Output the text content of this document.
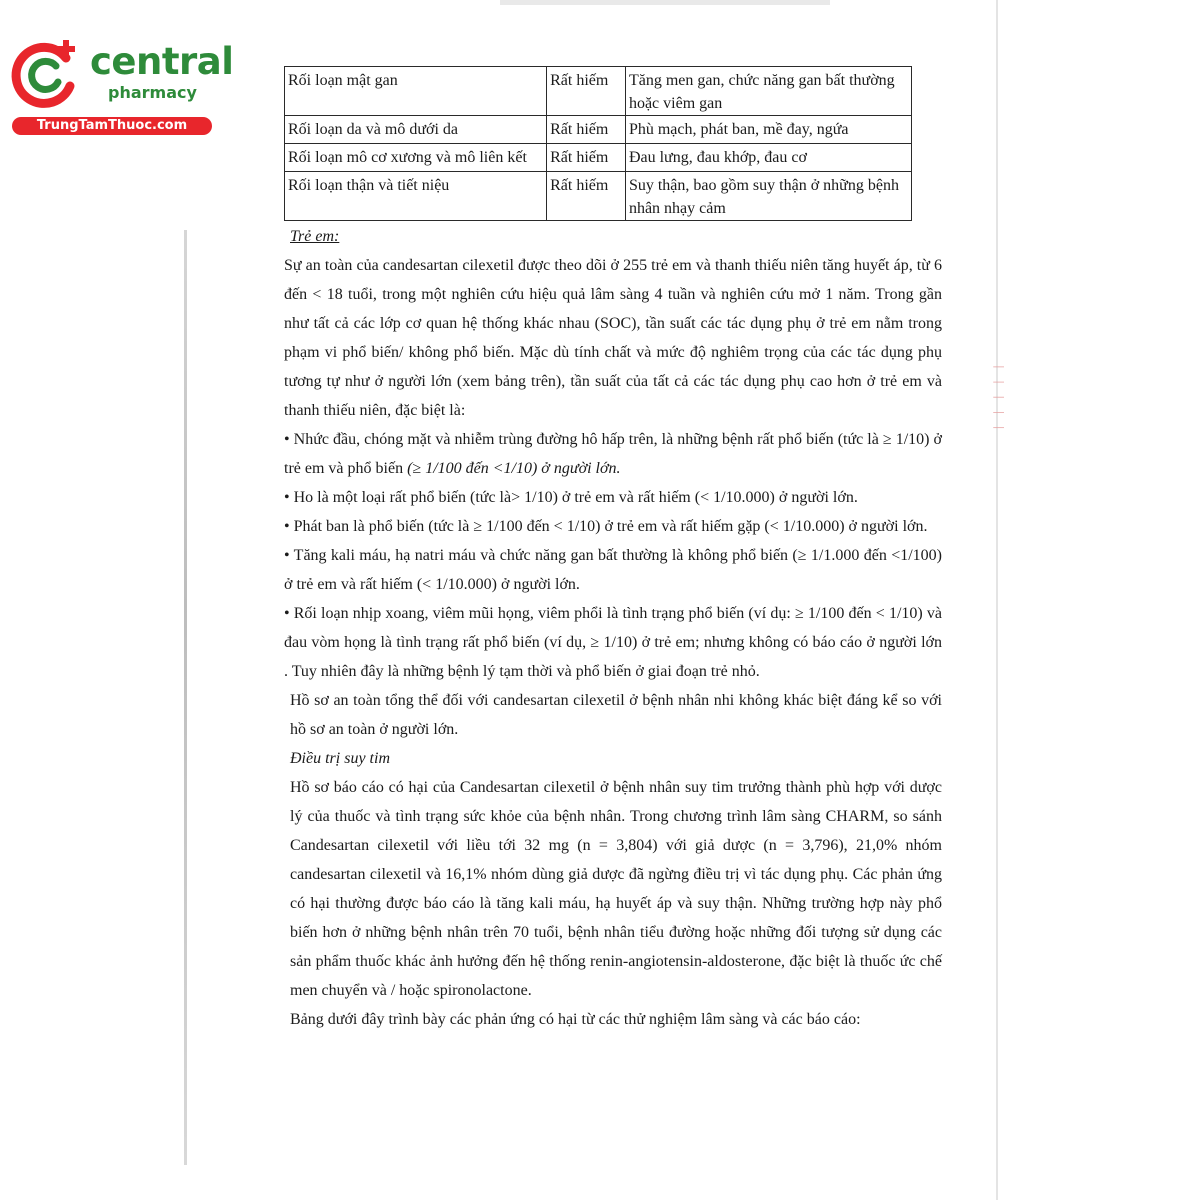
central
pharmacy
TrungTamThuoc.com
Rối loạn mật gan	Rất hiếm	Tăng men gan, chức năng gan bất thường hoặc viêm gan
Rối loạn da và mô dưới da	Rất hiếm	Phù mạch, phát ban, mề đay, ngứa
Rối loạn mô cơ xương và mô liên kết	Rất hiếm	Đau lưng, đau khớp, đau cơ
Rối loạn thận và tiết niệu	Rất hiếm	Suy thận, bao gồm suy thận ở những bệnh nhân nhạy cảm

Trẻ em:

Sự an toàn của candesartan cilexetil được theo dõi ở 255 trẻ em và thanh thiếu niên tăng huyết áp, từ 6 đến < 18 tuổi, trong một nghiên cứu hiệu quả lâm sàng 4 tuần và nghiên cứu mở 1 năm. Trong gần như tất cả các lớp cơ quan hệ thống khác nhau (SOC), tần suất các tác dụng phụ ở trẻ em nằm trong phạm vi phổ biến/ không phổ biến. Mặc dù tính chất và mức độ nghiêm trọng của các tác dụng phụ tương tự như ở người lớn (xem bảng trên), tần suất của tất cả các tác dụng phụ cao hơn ở trẻ em và thanh thiếu niên, đặc biệt là:

• Nhức đầu, chóng mặt và nhiễm trùng đường hô hấp trên, là những bệnh rất phổ biến (tức là ≥ 1/10) ở trẻ em và phổ biến (≥ 1/100 đến <1/10) ở người lớn.

• Ho là một loại rất phổ biến (tức là> 1/10) ở trẻ em và rất hiếm (< 1/10.000) ở người lớn.

• Phát ban là phổ biến (tức là ≥ 1/100 đến < 1/10) ở trẻ em và rất hiếm gặp (< 1/10.000) ở người lớn.

• Tăng kali máu, hạ natri máu và chức năng gan bất thường là không phổ biến (≥ 1/1.000 đến <1/100) ở trẻ em và rất hiếm (< 1/10.000) ở người lớn.

• Rối loạn nhịp xoang, viêm mũi họng, viêm phổi là tình trạng phổ biến (ví dụ: ≥ 1/100 đến < 1/10) và đau vòm họng là tình trạng rất phổ biến (ví dụ, ≥ 1/10) ở trẻ em; nhưng không có báo cáo ở người lớn . Tuy nhiên đây là những bệnh lý tạm thời và phổ biến ở giai đoạn trẻ nhỏ.

Hồ sơ an toàn tổng thể đối với candesartan cilexetil ở bệnh nhân nhi không khác biệt đáng kể so với hồ sơ an toàn ở người lớn.

Điều trị suy tim

Hồ sơ báo cáo có hại của Candesartan cilexetil ở bệnh nhân suy tim trưởng thành phù hợp với dược lý của thuốc và tình trạng sức khỏe của bệnh nhân. Trong chương trình lâm sàng CHARM, so sánh Candesartan cilexetil với liều tới 32 mg (n = 3,804) với giả dược (n = 3,796), 21,0% nhóm candesartan cilexetil và 16,1% nhóm dùng giả dược đã ngừng điều trị vì tác dụng phụ. Các phản ứng có hại thường được báo cáo là tăng kali máu, hạ huyết áp và suy thận. Những trường hợp này phổ biến hơn ở những bệnh nhân trên 70 tuổi, bệnh nhân tiểu đường hoặc những đối tượng sử dụng các sản phẩm thuốc khác ảnh hưởng đến hệ thống renin-angiotensin-aldosterone, đặc biệt là thuốc ức chế men chuyển và / hoặc spironolactone.

Bảng dưới đây trình bày các phản ứng có hại từ các thử nghiệm lâm sàng và các báo cáo:

| | | | |
